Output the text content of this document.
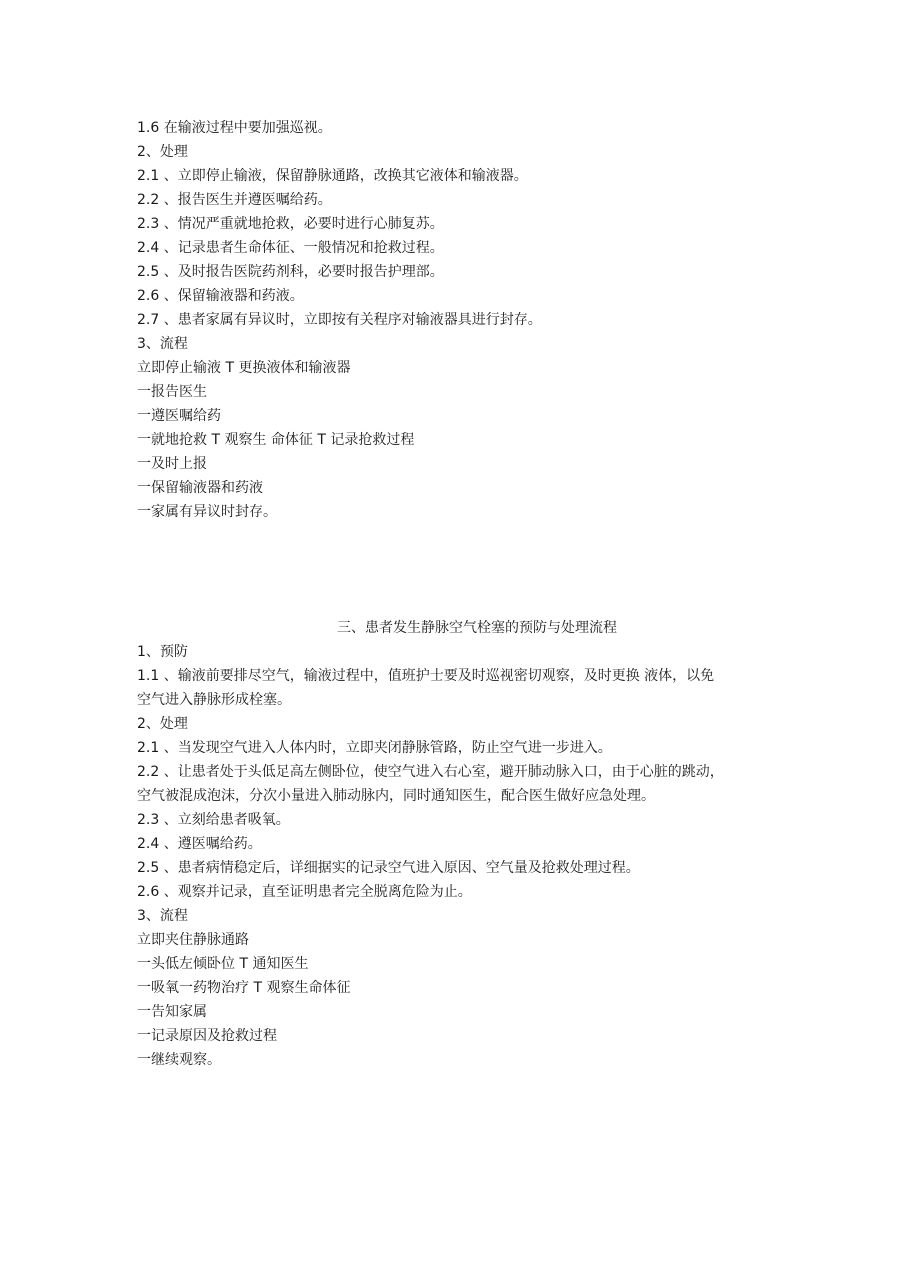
1.6 在输液过程中要加强巡视。
2、处理
2.1 、立即停止输液，保留静脉通路，改换其它液体和输液器。
2.2 、报告医生并遵医嘱给药。
2.3 、情况严重就地抢救，必要时进行心肺复苏。
2.4 、记录患者生命体征、一般情况和抢救过程。
2.5 、及时报告医院药剂科，必要时报告护理部。
2.6 、保留输液器和药液。
2.7 、患者家属有异议时，立即按有关程序对输液器具进行封存。
3、流程
立即停止输液 T 更换液体和输液器
一报告医生
一遵医嘱给药
一就地抢救 T 观察生 命体征 T 记录抢救过程
一及时上报
一保留输液器和药液
一家属有异议时封存。
三、患者发生静脉空气栓塞的预防与处理流程
1、预防
1.1 、输液前要排尽空气，输液过程中，值班护士要及时巡视密切观察，及时更换 液体，以免
空气进入静脉形成栓塞。
2、处理
2.1 、当发现空气进入人体内时，立即夹闭静脉管路，防止空气进一步进入。
2.2 、让患者处于头低足高左侧卧位，使空气进入右心室，避开肺动脉入口，由于心脏的跳动，
空气被混成泡沫，分次小量进入肺动脉内，同时通知医生，配合医生做好应急处理。
2.3 、立刻给患者吸氧。
2.4 、遵医嘱给药。
2.5 、患者病情稳定后，详细据实的记录空气进入原因、空气量及抢救处理过程。
2.6 、观察并记录，直至证明患者完全脱离危险为止。
3、流程
立即夹住静脉通路
一头低左倾卧位 T 通知医生
一吸氧一药物治疗 T 观察生命体征
一告知家属
一记录原因及抢救过程
一继续观察。
